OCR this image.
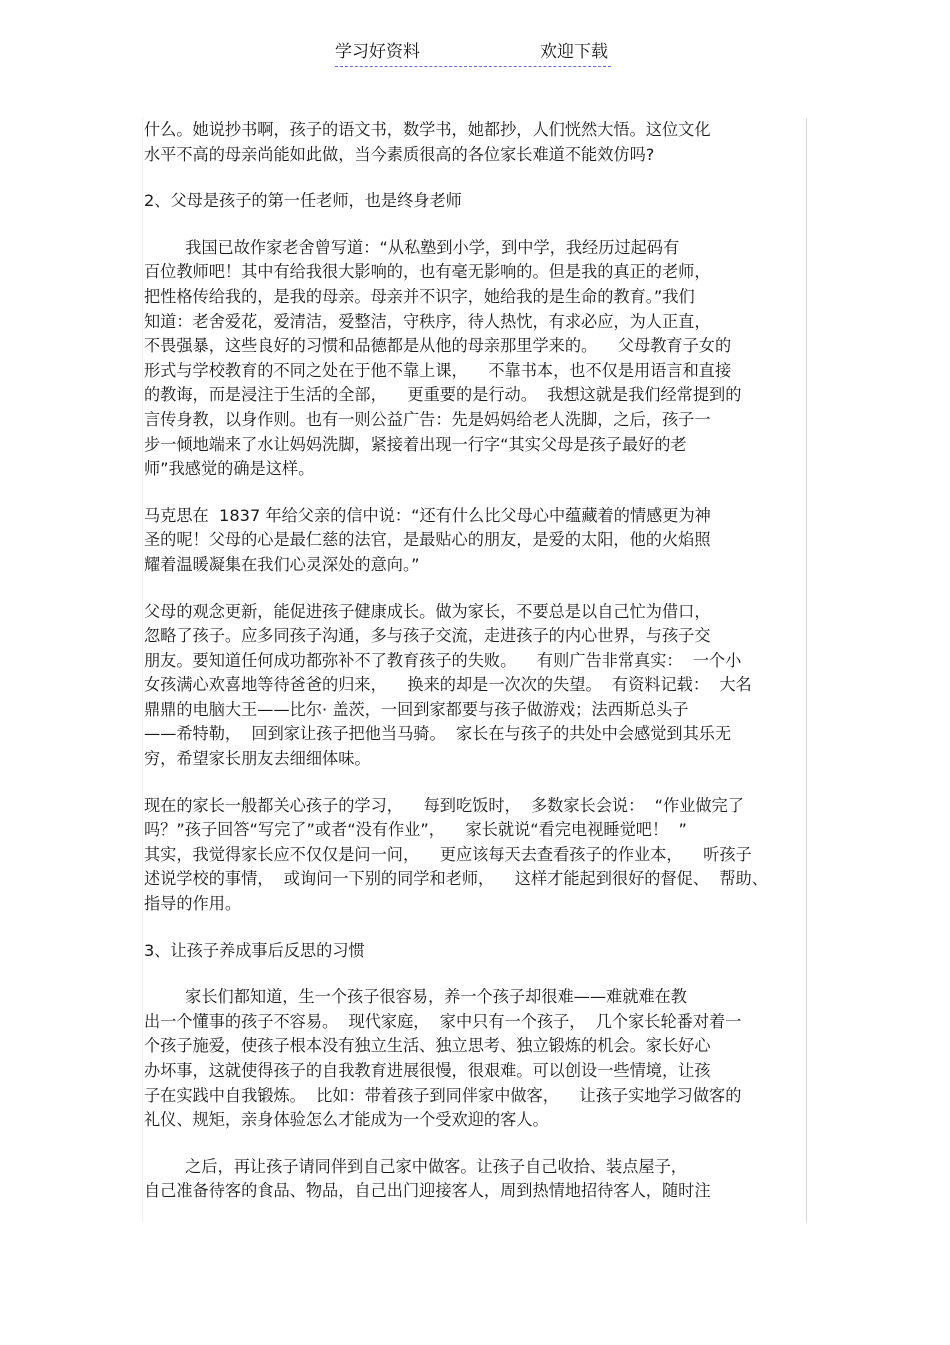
学习好资料	欢迎下载
什么。她说抄书啊，孩子的语文书，数学书，她都抄，人们恍然大悟。这位文化
水平不高的母亲尚能如此做，当今素质很高的各位家长难道不能效仿吗?
2、父母是孩子的第一任老师，也是终身老师
我国已故作家老舍曾写道：“从私塾到小学，到中学，我经历过起码有
百位教师吧！其中有给我很大影响的，也有毫无影响的。但是我的真正的老师，
把性格传给我的，是我的母亲。母亲并不识字，她给我的是生命的教育。”我们
知道：老舍爱花，爱清洁，爱整洁，守秩序，待人热忱，有求必应，为人正直，
不畏强暴，这些良好的习惯和品德都是从他的母亲那里学来的。    父母教育子女的
形式与学校教育的不同之处在于他不靠上课，    不靠书本，也不仅是用语言和直接
的教诲，而是浸注于生活的全部，    更重要的是行动。  我想这就是我们经常提到的
言传身教，以身作则。也有一则公益广告：先是妈妈给老人洗脚，之后，孩子一
步一倾地端来了水让妈妈洗脚，紧接着出现一行字“其实父母是孩子最好的老
师”我感觉的确是这样。
马克思在  1837 年给父亲的信中说：“还有什么比父母心中蕴藏着的情感更为神
圣的呢！父母的心是最仁慈的法官，是最贴心的朋友，是爱的太阳，他的火焰照
耀着温暖凝集在我们心灵深处的意向。”
父母的观念更新，能促进孩子健康成长。做为家长，不要总是以自己忙为借口，
忽略了孩子。应多同孩子沟通，多与孩子交流，走进孩子的内心世界，与孩子交
朋友。要知道任何成功都弥补不了教育孩子的失败。    有则广告非常真实：  一个小
女孩满心欢喜地等待爸爸的归来，    换来的却是一次次的失望。  有资料记载：  大名
鼎鼎的电脑大王——比尔· 盖茨，一回到家都要与孩子做游戏；法西斯总头子
——希特勒，  回到家让孩子把他当马骑。  家长在与孩子的共处中会感觉到其乐无
穷，希望家长朋友去细细体味。
现在的家长一般都关心孩子的学习，    每到吃饭时，  多数家长会说：  “作业做完了
吗？”孩子回答“写完了”或者“没有作业”，    家长就说“看完电视睡觉吧！  ”
其实，我觉得家长应不仅仅是问一问，    更应该每天去查看孩子的作业本，    听孩子
述说学校的事情，  或询问一下别的同学和老师，    这样才能起到很好的督促、  帮助、
指导的作用。
3、让孩子养成事后反思的习惯
家长们都知道，生一个孩子很容易，养一个孩子却很难——难就难在教
出一个懂事的孩子不容易。  现代家庭，  家中只有一个孩子，  几个家长轮番对着一
个孩子施爱，使孩子根本没有独立生活、独立思考、独立锻炼的机会。家长好心
办坏事，这就使得孩子的自我教育进展很慢，很艰难。可以创设一些情境，让孩
子在实践中自我锻炼。  比如：带着孩子到同伴家中做客，    让孩子实地学习做客的
礼仪、规矩，亲身体验怎么才能成为一个受欢迎的客人。
之后，再让孩子请同伴到自己家中做客。让孩子自己收拾、装点屋子，
自己准备待客的食品、物品，自己出门迎接客人，周到热情地招待客人，随时注
